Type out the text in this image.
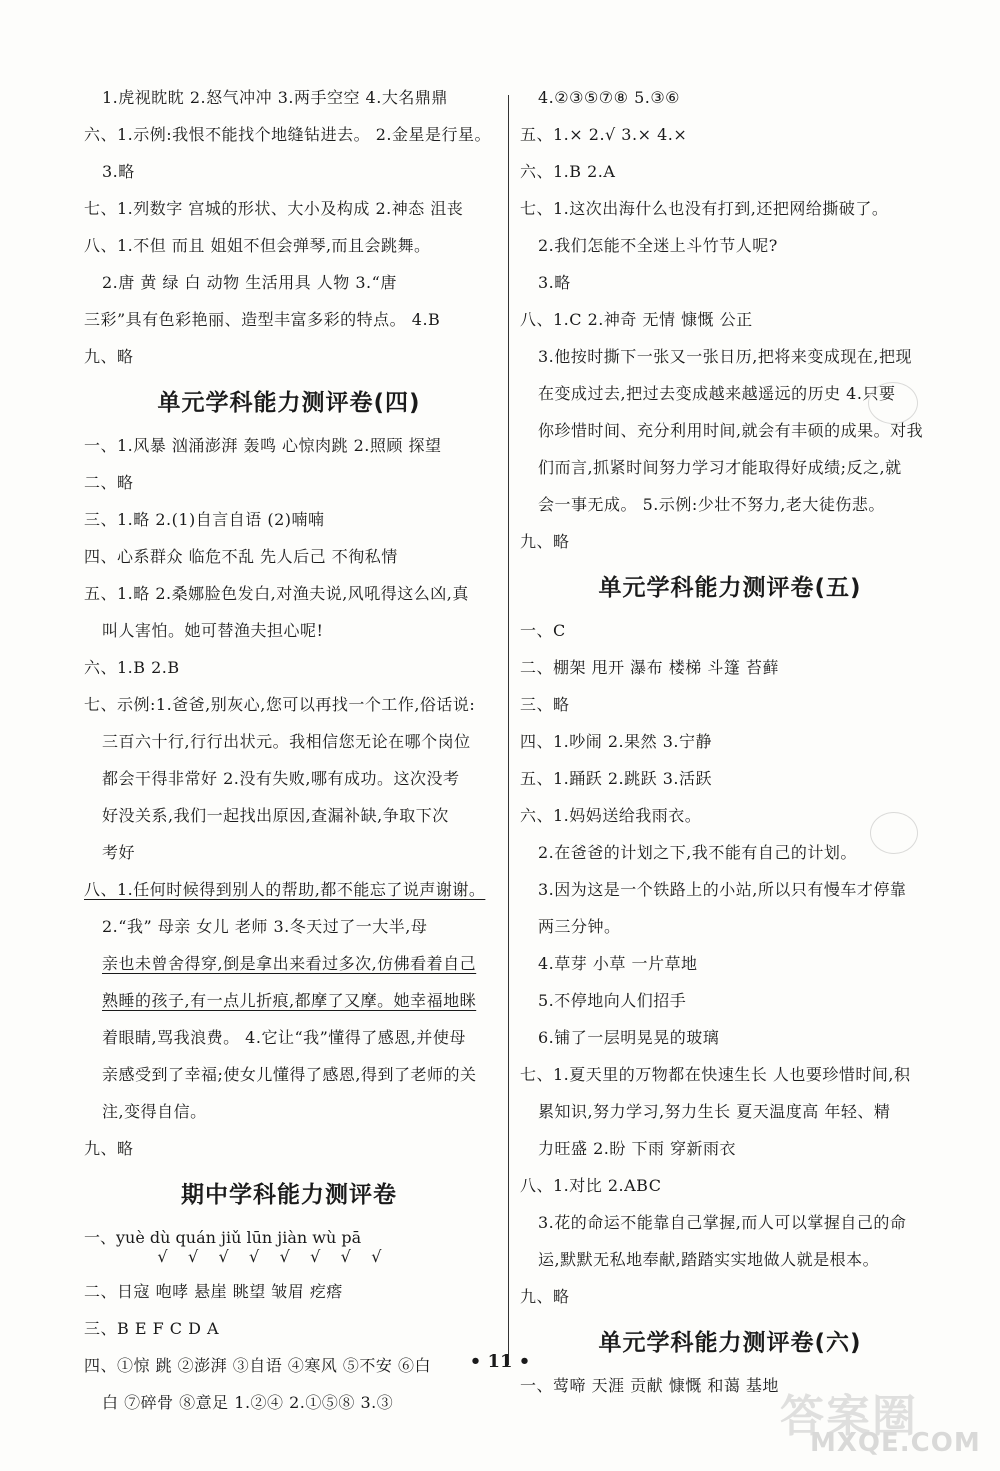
1.虎视眈眈 2.怒气冲冲 3.两手空空 4.大名鼎鼎
六、1.示例:我恨不能找个地缝钻进去。 2.金星是行星。
3.略
七、1.列数字 宫城的形状、大小及构成 2.神态 沮丧
八、1.不但 而且 姐姐不但会弹琴,而且会跳舞。
2.唐 黄 绿 白 动物 生活用具 人物 3.“唐
三彩”具有色彩艳丽、造型丰富多彩的特点。 4.B
九、略
单元学科能力测评卷(四)
一、1.风暴 汹涌澎湃 轰鸣 心惊肉跳 2.照顾 探望
二、略
三、1.略 2.(1)自言自语 (2)喃喃
四、心系群众 临危不乱 先人后己 不徇私情
五、1.略 2.桑娜脸色发白,对渔夫说,风吼得这么凶,真
叫人害怕。她可替渔夫担心呢!
六、1.B 2.B
七、示例:1.爸爸,别灰心,您可以再找一个工作,俗话说:
三百六十行,行行出状元。我相信您无论在哪个岗位
都会干得非常好 2.没有失败,哪有成功。这次没考
好没关系,我们一起找出原因,查漏补缺,争取下次
考好
八、1.任何时候得到别人的帮助,都不能忘了说声谢谢。
2.“我” 母亲 女儿 老师 3.冬天过了一大半,母
亲也未曾舍得穿,倒是拿出来看过多次,仿佛看着自己
熟睡的孩子,有一点儿折痕,都摩了又摩。她幸福地眯
着眼睛,骂我浪费。 4.它让“我”懂得了感恩,并使母
亲感受到了幸福;使女儿懂得了感恩,得到了老师的关
注,变得自信。
九、略
期中学科能力测评卷
一、yuè dù quán jiǔ lūn jiàn wù pā
√    √    √    √    √    √    √    √
二、日寇 咆哮 悬崖 眺望 皱眉 疙瘩
三、B E F C D A
四、①惊 跳 ②澎湃 ③自语 ④寒风 ⑤不安 ⑥白
白 ⑦碎骨 ⑧意足 1.②④ 2.①⑤⑧ 3.③
4.②③⑤⑦⑧ 5.③⑥
五、1.× 2.√ 3.× 4.×
六、1.B 2.A
七、1.这次出海什么也没有打到,还把网给撕破了。
2.我们怎能不全迷上斗竹节人呢?
3.略
八、1.C 2.神奇 无情 慷慨 公正
3.他按时撕下一张又一张日历,把将来变成现在,把现
在变成过去,把过去变成越来越遥远的历史 4.只要
你珍惜时间、充分利用时间,就会有丰硕的成果。对我
们而言,抓紧时间努力学习才能取得好成绩;反之,就
会一事无成。 5.示例:少壮不努力,老大徒伤悲。
九、略
单元学科能力测评卷(五)
一、C
二、棚架 甩开 瀑布 楼梯 斗篷 苔藓
三、略
四、1.吵闹 2.果然 3.宁静
五、1.踊跃 2.跳跃 3.活跃
六、1.妈妈送给我雨衣。
2.在爸爸的计划之下,我不能有自己的计划。
3.因为这是一个铁路上的小站,所以只有慢车才停靠
两三分钟。
4.草芽 小草 一片草地
5.不停地向人们招手
6.铺了一层明晃晃的玻璃
七、1.夏天里的万物都在快速生长 人也要珍惜时间,积
累知识,努力学习,努力生长 夏天温度高 年轻、精
力旺盛 2.盼 下雨 穿新雨衣
八、1.对比 2.ABC
3.花的命运不能靠自己掌握,而人可以掌握自己的命
运,默默无私地奉献,踏踏实实地做人就是根本。
九、略
单元学科能力测评卷(六)
一、莺啼 天涯 贡献 慷慨 和蔼 基地
• 11 •
答案圈
MXQE.COM
